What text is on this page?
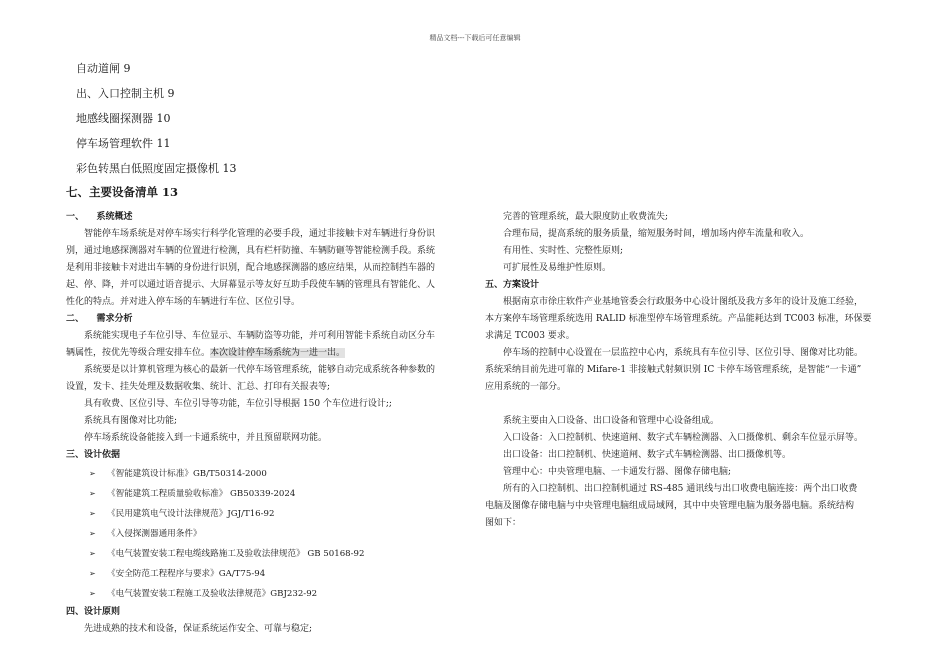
精品文档---下载后可任意编辑
自动道闸 9
出、入口控制主机 9
地感线圈探测器 10
停车场管理软件 11
彩色转黑白低照度固定摄像机 13
七、主要设备清单 13
一、    系统概述
智能停车场系统是对停车场实行科学化管理的必要手段，通过非接触卡对车辆进行身份识
别，通过地感探测器对车辆的位置进行检测，具有栏杆防撞、车辆防砸等智能检测手段。系统
是利用非接触卡对进出车辆的身份进行识别，配合地感探测器的感应结果，从而控制挡车器的
起、停、降，并可以通过语音提示、大屏幕显示等友好互助手段使车辆的管理具有智能化、人
性化的特点。并对进入停车场的车辆进行车位、区位引导。
二、    需求分析
系统能实现电子车位引导、车位显示、车辆防盗等功能，并可利用智能卡系统自动区分车
辆属性，按优先等级合理安排车位。本次设计停车场系统为一进一出。
系统要是以计算机管理为核心的最新一代停车场管理系统，能够自动完成系统各种参数的
设置，发卡、挂失处理及数据收集、统计、汇总、打印有关报表等;
具有收费、区位引导、车位引导等功能，车位引导根据 150 个车位进行设计;;
系统具有图像对比功能;
停车场系统设备能接入到一卡通系统中，并且预留联网功能。
三、设计依据
➢ 《智能建筑设计标准》GB/T50314-2000
➢ 《智能建筑工程质量验收标准》 GB50339-2024
➢ 《民用建筑电气设计法律规范》JGJ/T16-92
➢ 《入侵探测器通用条件》
➢ 《电气装置安装工程电缆线路施工及验收法律规范》 GB 50168-92
➢ 《安全防范工程程序与要求》GA/T75-94
➢ 《电气装置安装工程施工及验收法律规范》GBJ232-92
四、设计原则
先进成熟的技术和设备，保证系统运作安全、可靠与稳定;
完善的管理系统，最大限度防止收费流失;
合理布局，提高系统的服务质量，缩短服务时间，增加场内停车流量和收入。
有用性、实时性、完整性原则;
可扩展性及易维护性原则。
五、方案设计
根据南京市徐庄软件产业基地管委会行政服务中心设计图纸及我方多年的设计及施工经验，
本方案停车场管理系统选用 RALID 标准型停车场管理系统。产品能耗达到 TC003 标准，环保要
求满足 TC003 要求。
停车场的控制中心设置在一层监控中心内，系统具有车位引导、区位引导、图像对比功能。
系统采纳目前先进可靠的 Mifare-1 非接触式射频识别 IC 卡停车场管理系统，是智能“一卡通”
应用系统的一部分。
系统主要由入口设备、出口设备和管理中心设备组成。
入口设备：入口控制机、快速道闸、数字式车辆检测器、入口摄像机、剩余车位显示屏等。
出口设备：出口控制机、快速道闸、数字式车辆检测器、出口摄像机等。
管理中心：中央管理电脑、一卡通发行器、图像存储电脑;
所有的入口控制机、出口控制机通过 RS-485 通讯线与出口收费电脑连接：两个出口收费
电脑及图像存储电脑与中央管理电脑组成局域网，其中中央管理电脑为服务器电脑。系统结构
图如下：
